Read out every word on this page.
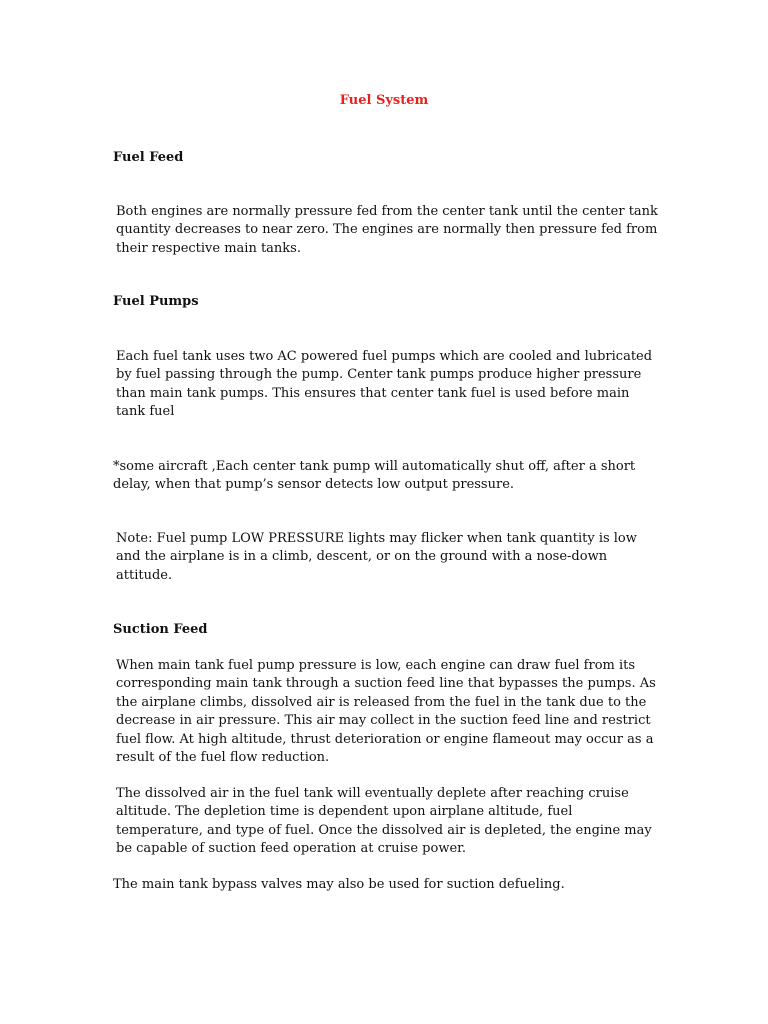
Fuel System
Fuel Feed

Both engines are normally pressure fed from the center tank until the center tank quantity decreases to near zero. The engines are normally then pressure fed from their respective main tanks.

Fuel Pumps

Each fuel tank uses two AC powered fuel pumps which are cooled and lubricated by fuel passing through the pump. Center tank pumps produce higher pressure than main tank pumps. This ensures that center tank fuel is used before main tank fuel

*some aircraft ,Each center tank pump will automatically shut off, after a short delay, when that pump’s sensor detects low output pressure.

Note: Fuel pump LOW PRESSURE lights may flicker when tank quantity is low and the airplane is in a climb, descent, or on the ground with a nose-down attitude.

Suction Feed

When main tank fuel pump pressure is low, each engine can draw fuel from its corresponding main tank through a suction feed line that bypasses the pumps. As the airplane climbs, dissolved air is released from the fuel in the tank due to the decrease in air pressure. This air may collect in the suction feed line and restrict fuel flow. At high altitude, thrust deterioration or engine flameout may occur as a result of the fuel flow reduction.

The dissolved air in the fuel tank will eventually deplete after reaching cruise altitude. The depletion time is dependent upon airplane altitude, fuel temperature, and type of fuel. Once the dissolved air is depleted, the engine may be capable of suction feed operation at cruise power.

The main tank bypass valves may also be used for suction defueling.
